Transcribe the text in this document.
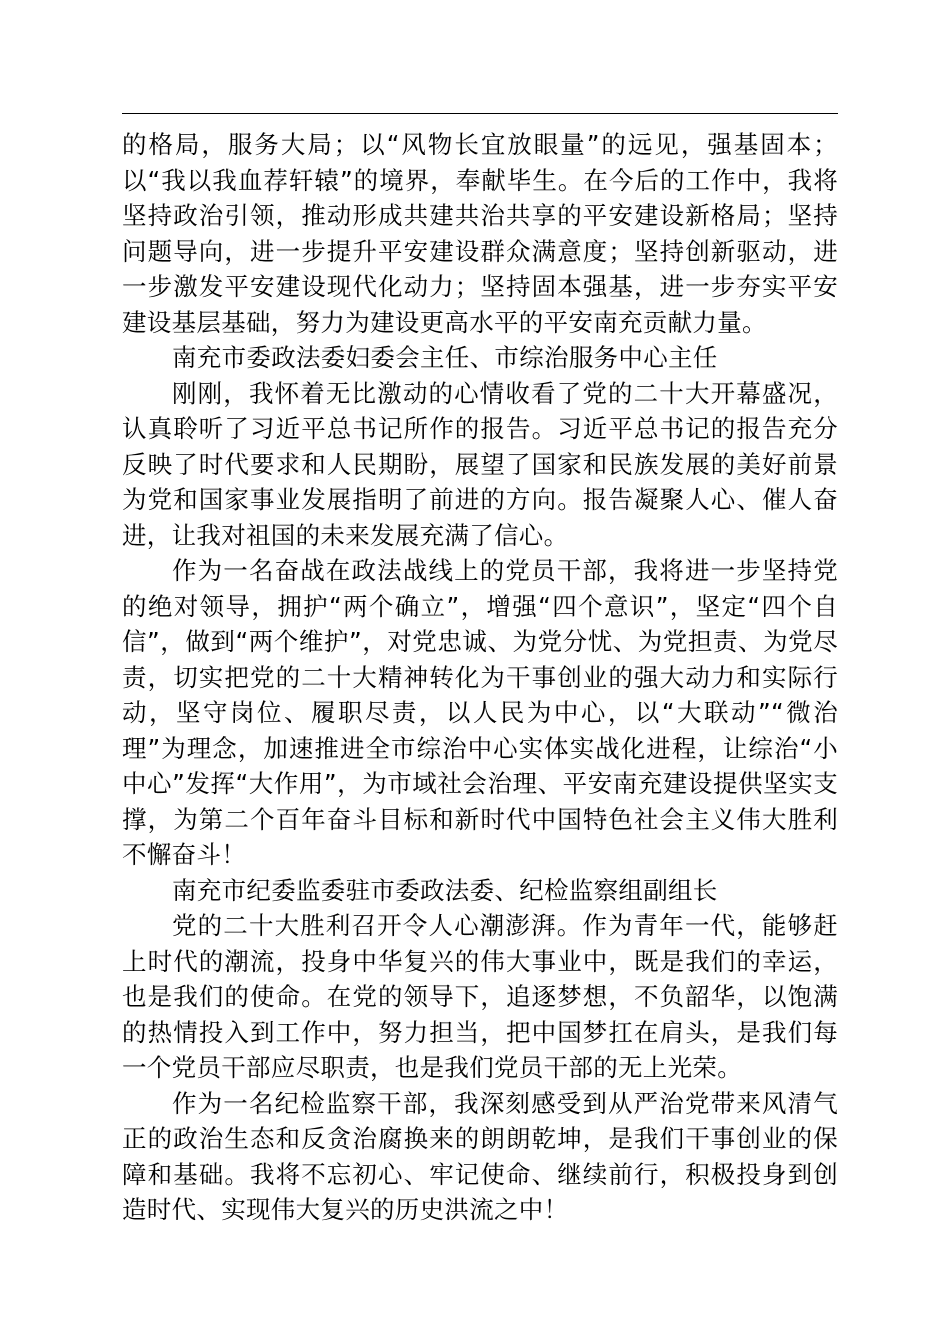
的格局，服务大局；以“风物长宜放眼量”的远见，强基固本；以“我以我血荐轩辕”的境界，奉献毕生。在今后的工作中，我将坚持政治引领，推动形成共建共治共享的平安建设新格局；坚持问题导向，进一步提升平安建设群众满意度；坚持创新驱动，进一步激发平安建设现代化动力；坚持固本强基，进一步夯实平安建设基层基础，努力为建设更高水平的平安南充贡献力量。

南充市委政法委妇委会主任、市综治服务中心主任

刚刚，我怀着无比激动的心情收看了党的二十大开幕盛况，认真聆听了习近平总书记所作的报告。习近平总书记的报告充分反映了时代要求和人民期盼，展望了国家和民族发展的美好前景为党和国家事业发展指明了前进的方向。报告凝聚人心、催人奋进，让我对祖国的未来发展充满了信心。

作为一名奋战在政法战线上的党员干部，我将进一步坚持党的绝对领导，拥护“两个确立”，增强“四个意识”，坚定“四个自信”，做到“两个维护”，对党忠诚、为党分忧、为党担责、为党尽责，切实把党的二十大精神转化为干事创业的强大动力和实际行动，坚守岗位、履职尽责，以人民为中心，以“大联动”“微治理”为理念，加速推进全市综治中心实体实战化进程，让综治“小中心”发挥“大作用”，为市域社会治理、平安南充建设提供坚实支撑，为第二个百年奋斗目标和新时代中国特色社会主义伟大胜利不懈奋斗！

南充市纪委监委驻市委政法委、纪检监察组副组长

党的二十大胜利召开令人心潮澎湃。作为青年一代，能够赶上时代的潮流，投身中华复兴的伟大事业中，既是我们的幸运，也是我们的使命。在党的领导下，追逐梦想，不负韶华，以饱满的热情投入到工作中，努力担当，把中国梦扛在肩头，是我们每一个党员干部应尽职责，也是我们党员干部的无上光荣。

作为一名纪检监察干部，我深刻感受到从严治党带来风清气正的政治生态和反贪治腐换来的朗朗乾坤，是我们干事创业的保障和基础。我将不忘初心、牢记使命、继续前行，积极投身到创造时代、实现伟大复兴的历史洪流之中！
